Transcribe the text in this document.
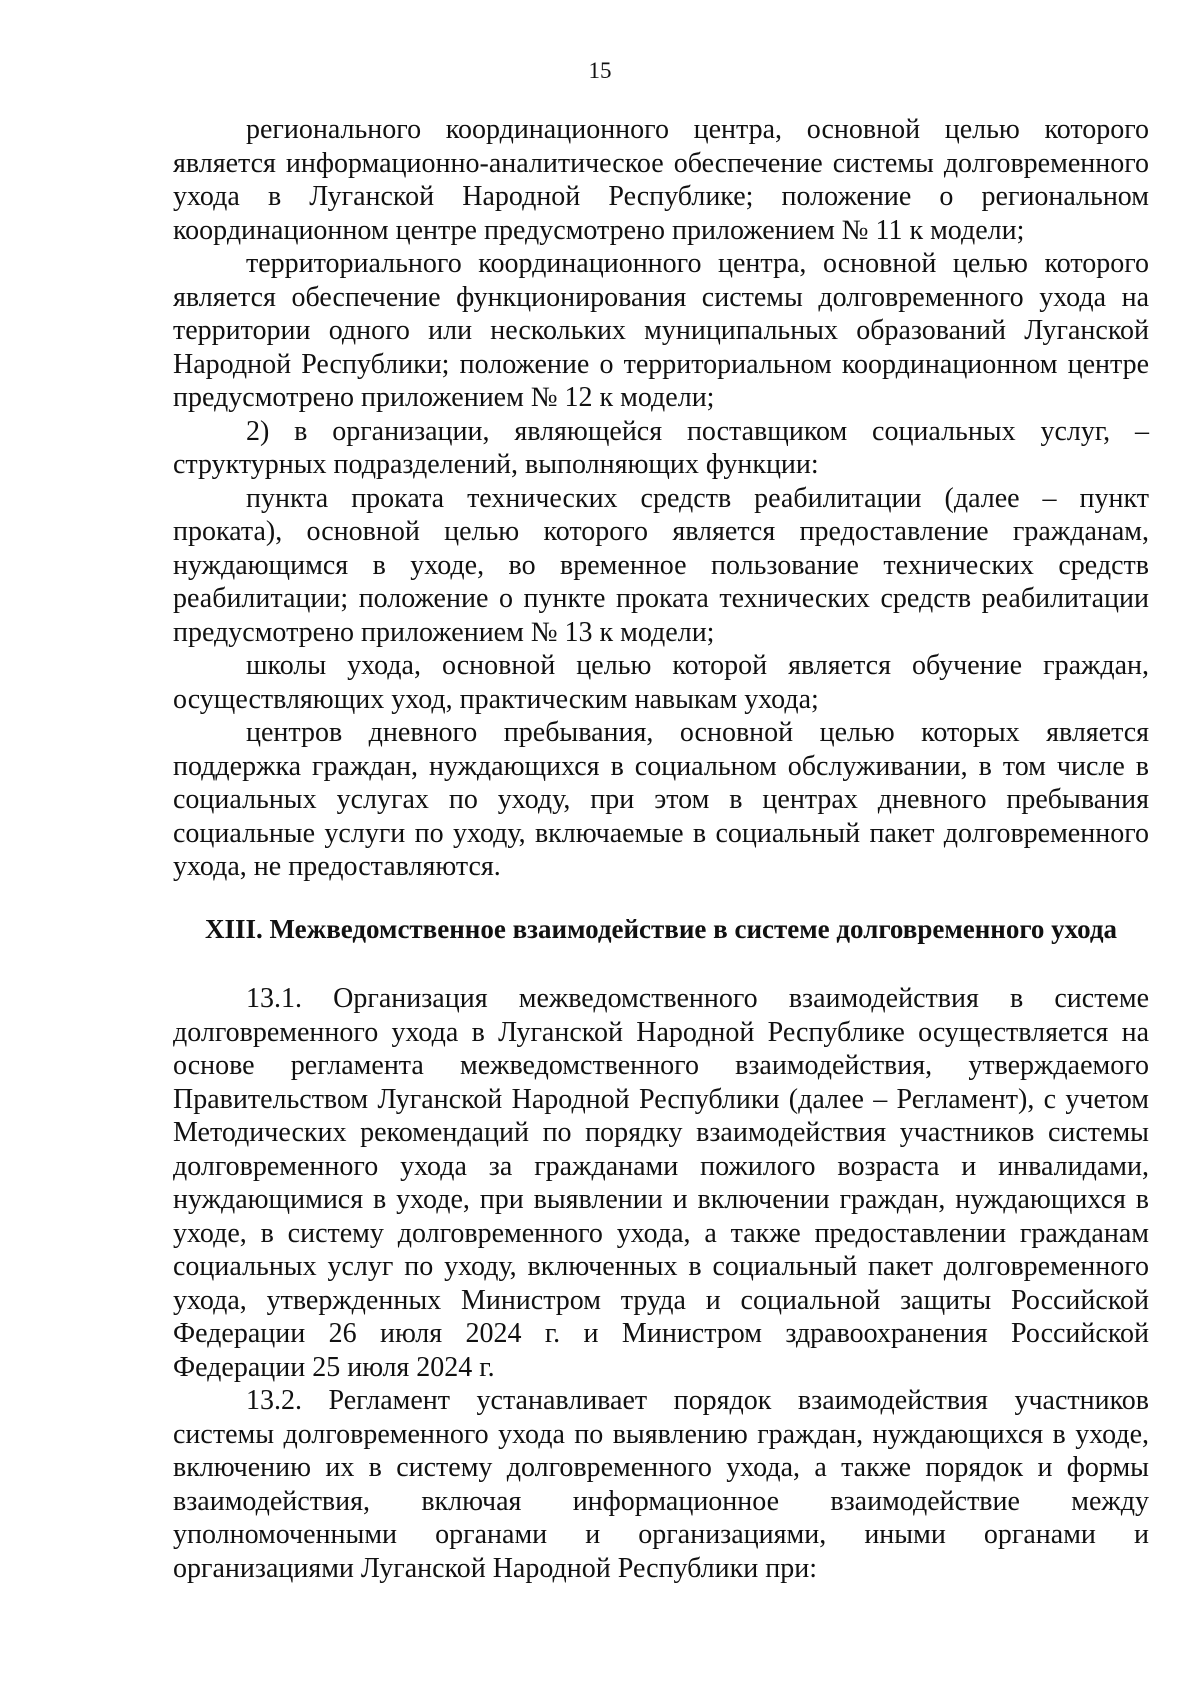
15

регионального координационного центра, основной целью которого является информационно-аналитическое обеспечение системы долговременного ухода в Луганской Народной Республике; положение о региональном координационном центре предусмотрено приложением № 11 к модели;

территориального координационного центра, основной целью которого является обеспечение функционирования системы долговременного ухода на территории одного или нескольких муниципальных образований Луганской Народной Республики; положение о территориальном координационном центре предусмотрено приложением № 12 к модели;

2) в организации, являющейся поставщиком социальных услуг, – структурных подразделений, выполняющих функции:

пункта проката технических средств реабилитации (далее – пункт проката), основной целью которого является предоставление гражданам, нуждающимся в уходе, во временное пользование технических средств реабилитации; положение о пункте проката технических средств реабилитации предусмотрено приложением № 13 к модели;

школы ухода, основной целью которой является обучение граждан, осуществляющих уход, практическим навыкам ухода;

центров дневного пребывания, основной целью которых является поддержка граждан, нуждающихся в социальном обслуживании, в том числе в социальных услугах по уходу, при этом в центрах дневного пребывания социальные услуги по уходу, включаемые в социальный пакет долговременного ухода, не предоставляются.

XIII. Межведомственное взаимодействие в системе долговременного ухода

13.1. Организация межведомственного взаимодействия в системе долговременного ухода в Луганской Народной Республике осуществляется на основе регламента межведомственного взаимодействия, утверждаемого Правительством Луганской Народной Республики (далее – Регламент), с учетом Методических рекомендаций по порядку взаимодействия участников системы долговременного ухода за гражданами пожилого возраста и инвалидами, нуждающимися в уходе, при выявлении и включении граждан, нуждающихся в уходе, в систему долговременного ухода, а также предоставлении гражданам социальных услуг по уходу, включенных в социальный пакет долговременного ухода, утвержденных Министром труда и социальной защиты Российской Федерации 26 июля 2024 г. и Министром здравоохранения Российской Федерации 25 июля 2024 г.

13.2. Регламент устанавливает порядок взаимодействия участников системы долговременного ухода по выявлению граждан, нуждающихся в уходе, включению их в систему долговременного ухода, а также порядок и формы взаимодействия, включая информационное взаимодействие между уполномоченными органами и организациями, иными органами и организациями Луганской Народной Республики при:
